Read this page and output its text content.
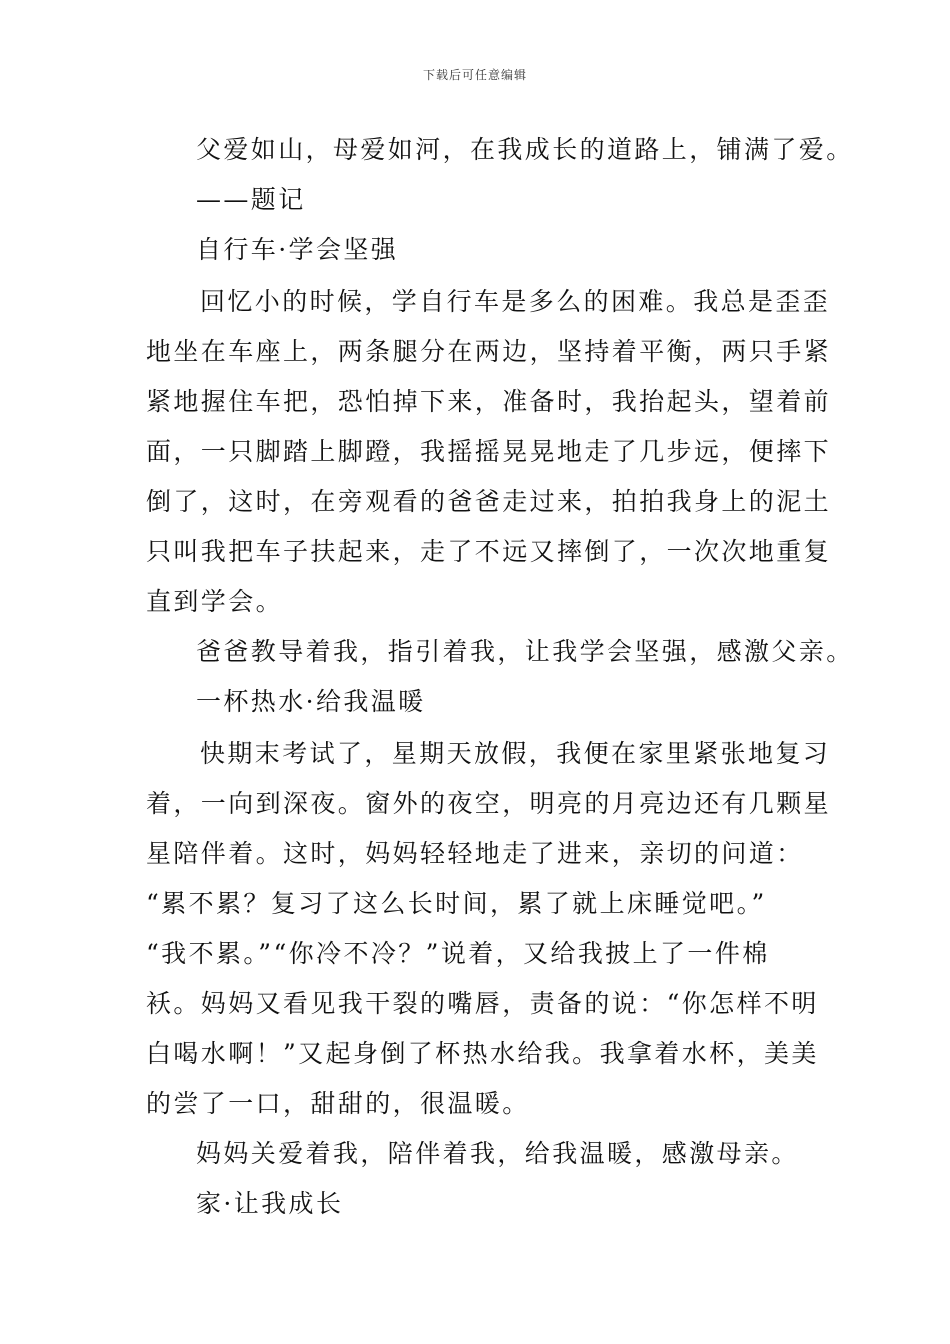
下载后可任意编辑
父爱如山，母爱如河，在我成长的道路上，铺满了爱。
——题记
自行车·学会坚强
回忆小的时候，学自行车是多么的困难。我总是歪歪
地坐在车座上，两条腿分在两边，坚持着平衡，两只手紧
紧地握住车把，恐怕掉下来，准备时，我抬起头，望着前
面，一只脚踏上脚蹬，我摇摇晃晃地走了几步远，便摔下
倒了，这时，在旁观看的爸爸走过来，拍拍我身上的泥土
只叫我把车子扶起来，走了不远又摔倒了，一次次地重复
直到学会。
爸爸教导着我，指引着我，让我学会坚强，感激父亲。
一杯热水·给我温暖
快期末考试了，星期天放假，我便在家里紧张地复习
着，一向到深夜。窗外的夜空，明亮的月亮边还有几颗星
星陪伴着。这时，妈妈轻轻地走了进来，亲切的问道：
“累不累？复习了这么长时间，累了就上床睡觉吧。”
“我不累。”“你冷不冷？”说着，又给我披上了一件棉
袄。妈妈又看见我干裂的嘴唇，责备的说：“你怎样不明
白喝水啊！”又起身倒了杯热水给我。我拿着水杯，美美
的尝了一口，甜甜的，很温暖。
妈妈关爱着我，陪伴着我，给我温暖，感激母亲。
家·让我成长
